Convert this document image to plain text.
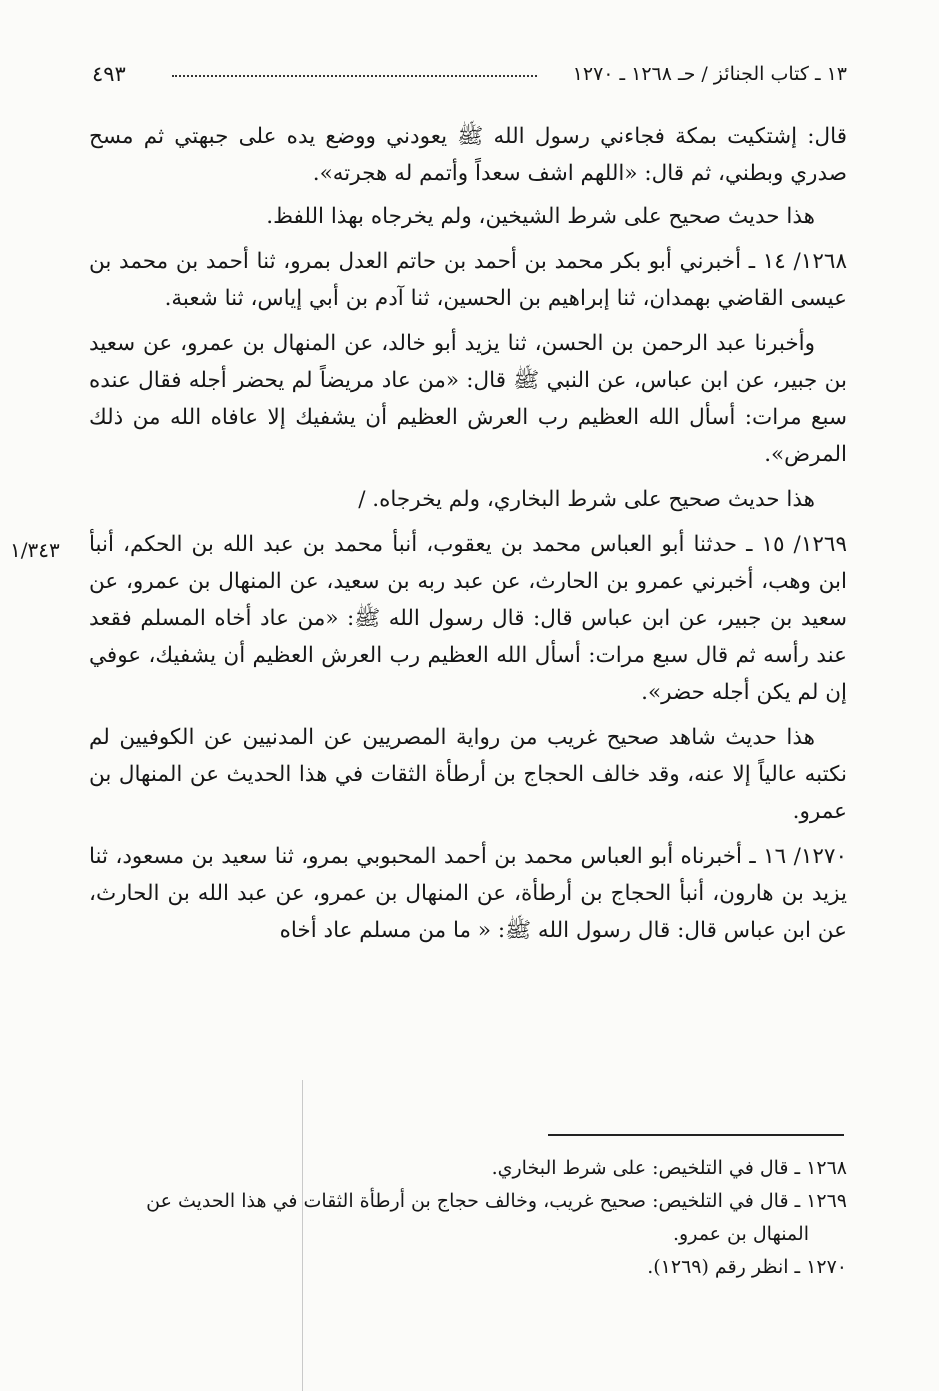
١٣ ـ كتاب الجنائز / حـ ١٢٦٨ ـ ١٢٧٠
٤٩٣
١/٣٤٣

قال: إشتكيت بمكة فجاءني رسول الله ﷺ يعودني ووضع يده على جبهتي ثم مسح صدري وبطني، ثم قال: «اللهم اشف سعداً وأتمم له هجرته».

هذا حديث صحيح على شرط الشيخين، ولم يخرجاه بهذا اللفظ.

١٢٦٨/ ١٤ ـ أخبرني أبو بكر محمد بن أحمد بن حاتم العدل بمرو، ثنا أحمد بن محمد بن عيسى القاضي بهمدان، ثنا إبراهيم بن الحسين، ثنا آدم بن أبي إياس، ثنا شعبة.

وأخبرنا عبد الرحمن بن الحسن، ثنا يزيد أبو خالد، عن المنهال بن عمرو، عن سعيد بن جبير، عن ابن عباس، عن النبي ﷺ قال: «من عاد مريضاً لم يحضر أجله فقال عنده سبع مرات: أسأل الله العظيم رب العرش العظيم أن يشفيك إلا عافاه الله من ذلك المرض».

هذا حديث صحيح على شرط البخاري، ولم يخرجاه. /

١٢٦٩/ ١٥ ـ حدثنا أبو العباس محمد بن يعقوب، أنبأ محمد بن عبد الله بن الحكم، أنبأ ابن وهب، أخبرني عمرو بن الحارث، عن عبد ربه بن سعيد، عن المنهال بن عمرو، عن سعيد بن جبير، عن ابن عباس قال: قال رسول الله ﷺ: «من عاد أخاه المسلم فقعد عند رأسه ثم قال سبع مرات: أسأل الله العظيم رب العرش العظيم أن يشفيك، عوفي إن لم يكن أجله حضر».

هذا حديث شاهد صحيح غريب من رواية المصريين عن المدنيين عن الكوفيين لم نكتبه عالياً إلا عنه، وقد خالف الحجاج بن أرطأة الثقات في هذا الحديث عن المنهال بن عمرو.

١٢٧٠/ ١٦ ـ أخبرناه أبو العباس محمد بن أحمد المحبوبي بمرو، ثنا سعيد بن مسعود، ثنا يزيد بن هارون، أنبأ الحجاج بن أرطأة، عن المنهال بن عمرو، عن عبد الله بن الحارث، عن ابن عباس قال: قال رسول الله ﷺ: « ما من مسلم عاد أخاه

١٢٦٨ ـ قال في التلخيص: على شرط البخاري.

١٢٦٩ ـ قال في التلخيص: صحيح غريب، وخالف حجاج بن أرطأة الثقات في هذا الحديث عن

المنهال بن عمرو.

١٢٧٠ ـ انظر رقم (١٢٦٩).
